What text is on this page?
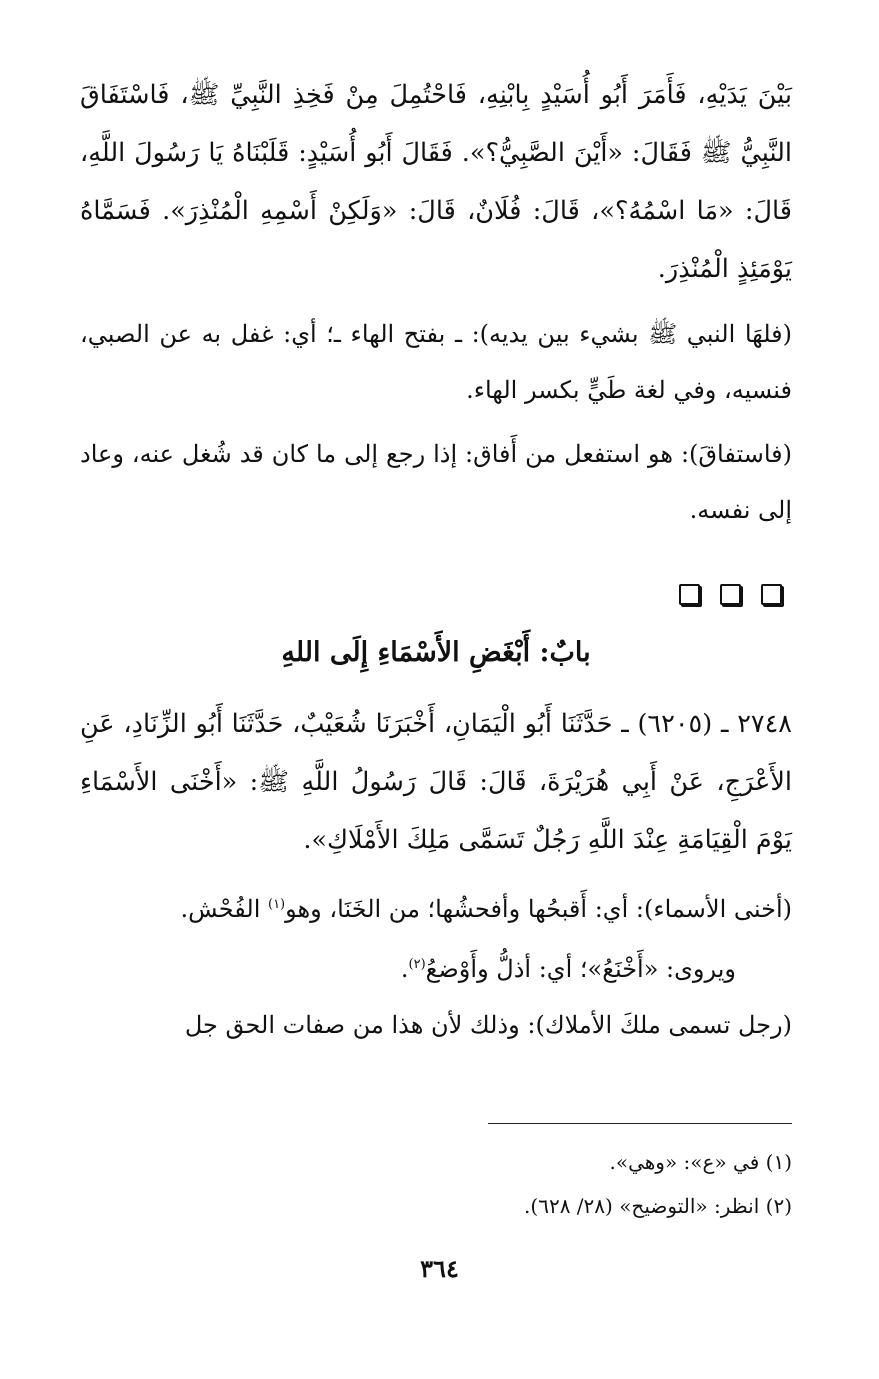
بَيْنَ يَدَيْهِ، فَأَمَرَ أَبُو أُسَيْدٍ بِابْنِهِ، فَاحْتُمِلَ مِنْ فَخِذِ النَّبِيِّ ﷺ، فَاسْتَفَاقَ النَّبِيُّ ﷺ فَقَالَ: «أَيْنَ الصَّبِيُّ؟». فَقَالَ أَبُو أُسَيْدٍ: قَلَبْنَاهُ يَا رَسُولَ اللَّهِ، قَالَ: «مَا اسْمُهُ؟»، قَالَ: فُلَانٌ، قَالَ: «وَلَكِنْ أَسْمِهِ الْمُنْذِرَ». فَسَمَّاهُ يَوْمَئِذٍ الْمُنْذِرَ.

(فلهَا النبي ﷺ بشيء بين يديه): ـ بفتح الهاء ـ؛ أي: غفل به عن الصبي، فنسيه، وفي لغة طَيٍّ بكسر الهاء.

(فاستفاقَ): هو استفعل من أَفاق: إذا رجع إلى ما كان قد شُغل عنه، وعاد إلى نفسه.

بابٌ: أَبْغَضِ الأَسْمَاءِ إِلَى اللهِ

٢٧٤٨ ـ (٦٢٠٥) ـ حَدَّثَنَا أَبُو الْيَمَانِ، أَخْبَرَنَا شُعَيْبٌ، حَدَّثَنَا أَبُو الزِّنَادِ، عَنِ الأَعْرَجِ، عَنْ أَبِي هُرَيْرَةَ، قَالَ: قَالَ رَسُولُ اللَّهِ ﷺ: «أَخْنَى الأَسْمَاءِ يَوْمَ الْقِيَامَةِ عِنْدَ اللَّهِ رَجُلٌ تَسَمَّى مَلِكَ الأَمْلَاكِ».

(أخنى الأسماء): أي: أَقبحُها وأفحشُها؛ من الخَنَا، وهو$^{(١)}$ الفُحْش.

ويروى: «أَخْنَعُ»؛ أي: أذلُّ وأَوْضعُ$^{(٢)}$.

(رجل تسمى ملكَ الأملاك): وذلك لأن هذا من صفات الحق جل

(١) في «ع»: «وهي».

(٢) انظر: «التوضيح» (٢٨/ ٦٢٨).

٣٦٤
